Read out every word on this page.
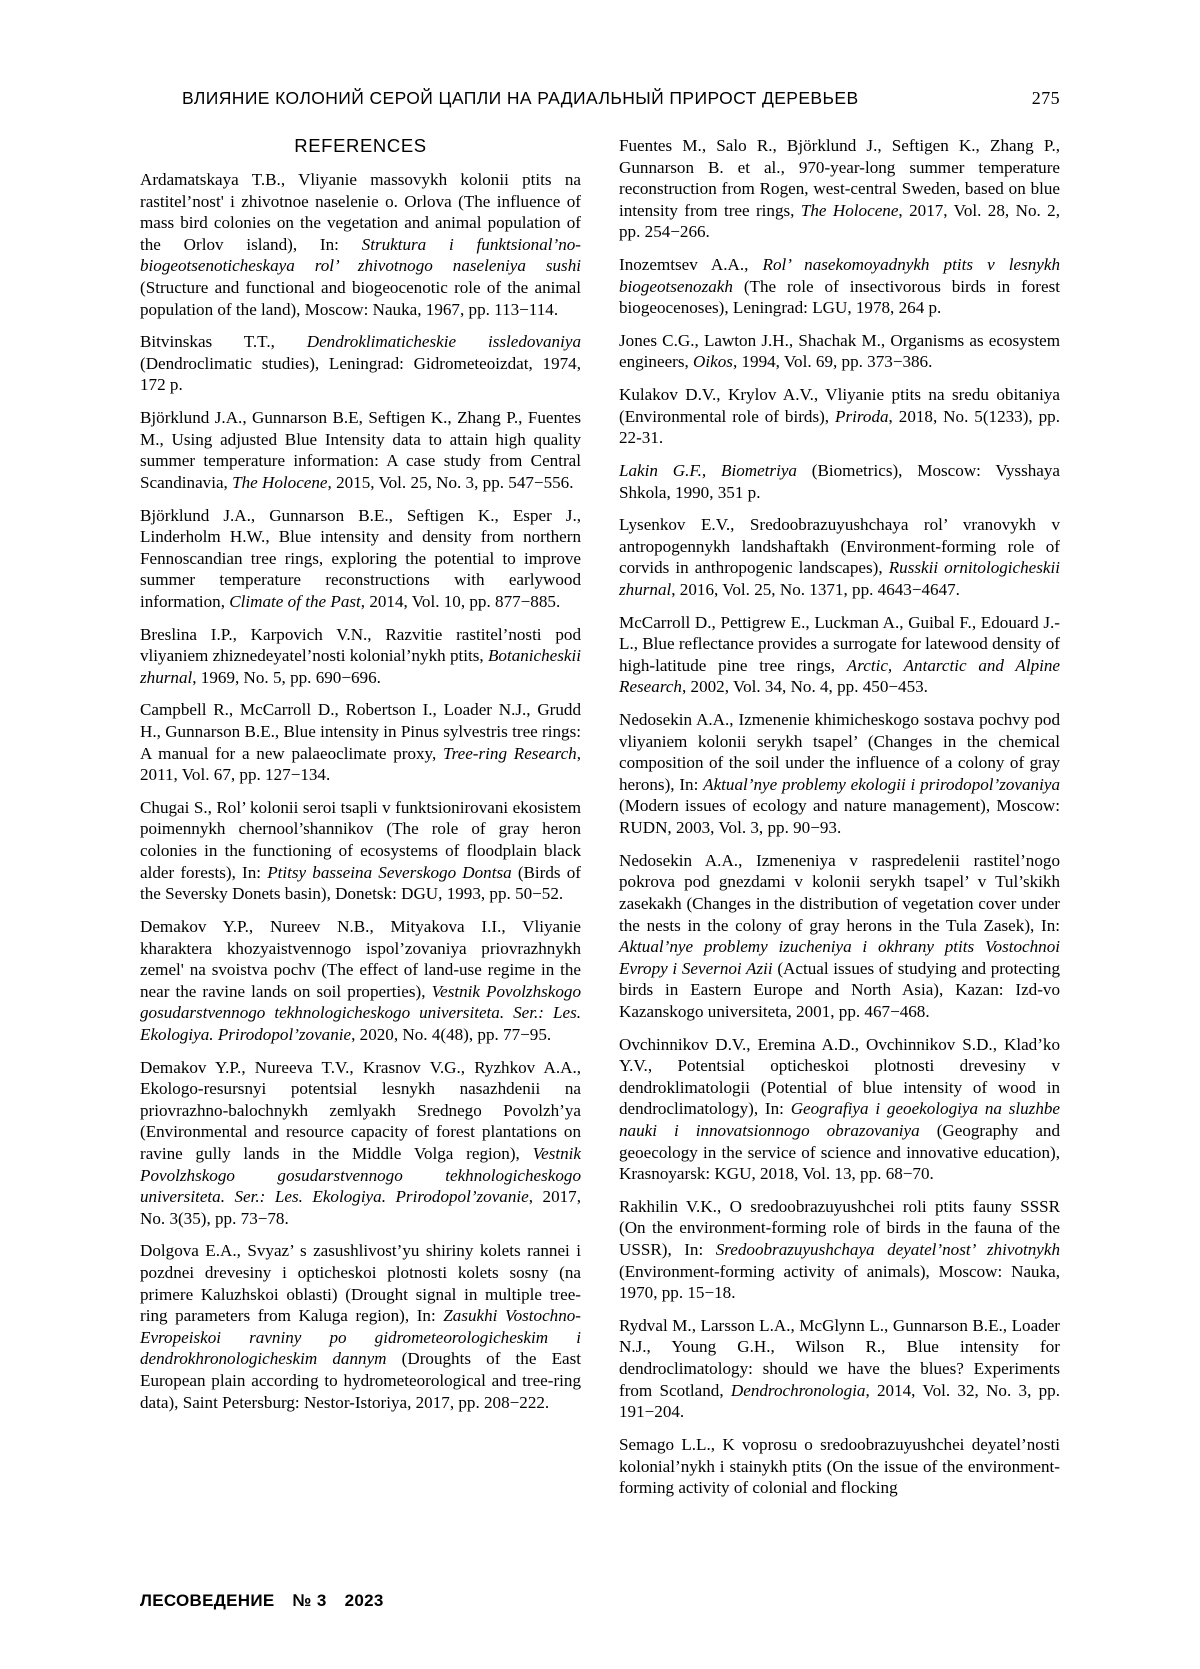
ВЛИЯНИЕ КОЛОНИЙ СЕРОЙ ЦАПЛИ НА РАДИАЛЬНЫЙ ПРИРОСТ ДЕРЕВЬЕВ	275
REFERENCES
Ardamatskaya T.B., Vliyanie massovykh kolonii ptits na rastitel’nost' i zhivotnoe naselenie o. Orlova (The influence of mass bird colonies on the vegetation and animal population of the Orlov island), In: Struktura i funktsional’no-biogeotsenoticheskaya rol’ zhivotnogo naseleniya sushi (Structure and functional and biogeocenotic role of the animal population of the land), Moscow: Nauka, 1967, pp. 113−114.
Bitvinskas T.T., Dendroklimaticheskie issledovaniya (Dendroclimatic studies), Leningrad: Gidrometeoizdat, 1974, 172 p.
Björklund J.A., Gunnarson B.E, Seftigen K., Zhang P., Fuentes M., Using adjusted Blue Intensity data to attain high quality summer temperature information: A case study from Central Scandinavia, The Holocene, 2015, Vol. 25, No. 3, pp. 547−556.
Björklund J.A., Gunnarson B.E., Seftigen K., Esper J., Linderholm H.W., Blue intensity and density from northern Fennoscandian tree rings, exploring the potential to improve summer temperature reconstructions with earlywood information, Climate of the Past, 2014, Vol. 10, pp. 877−885.
Breslina I.P., Karpovich V.N., Razvitie rastitel’nosti pod vliyaniem zhiznedeyatel’nosti kolonial’nykh ptits, Botanicheskii zhurnal, 1969, No. 5, pp. 690−696.
Campbell R., McCarroll D., Robertson I., Loader N.J., Grudd H., Gunnarson B.E., Blue intensity in Pinus sylvestris tree rings: A manual for a new palaeoclimate proxy, Tree-ring Research, 2011, Vol. 67, pp. 127−134.
Chugai S., Rol’ kolonii seroi tsapli v funktsionirovani ekosistem poimennykh chernool’shannikov (The role of gray heron colonies in the functioning of ecosystems of floodplain black alder forests), In: Ptitsy basseina Severskogo Dontsa (Birds of the Seversky Donets basin), Donetsk: DGU, 1993, pp. 50−52.
Demakov Y.P., Nureev N.B., Mityakova I.I., Vliyanie kharaktera khozyaistvennogo ispol’zovaniya priovrazhnykh zemel' na svoistva pochv (The effect of land-use regime in the near the ravine lands on soil properties), Vestnik Povolzhskogo gosudarstvennogo tekhnologicheskogo universiteta. Ser.: Les. Ekologiya. Prirodopol’zovanie, 2020, No. 4(48), pp. 77−95.
Demakov Y.P., Nureeva T.V., Krasnov V.G., Ryzhkov A.A., Ekologo-resursnyi potentsial lesnykh nasazhdenii na priovrazhno-balochnykh zemlyakh Srednego Povolzh’ya (Environmental and resource capacity of forest plantations on ravine gully lands in the Middle Volga region), Vestnik Povolzhskogo gosudarstvennogo tekhnologicheskogo universiteta. Ser.: Les. Ekologiya. Prirodopol’zovanie, 2017, No. 3(35), pp. 73−78.
Dolgova E.A., Svyaz’ s zasushlivost’yu shiriny kolets rannei i pozdnei drevesiny i opticheskoi plotnosti kolets sosny (na primere Kaluzhskoi oblasti) (Drought signal in multiple tree-ring parameters from Kaluga region), In: Zasukhi Vostochno-Evropeiskoi ravniny po gidrometeorologicheskim i dendrokhronologicheskim dannym (Droughts of the East European plain according to hydrometeorological and tree-ring data), Saint Petersburg: Nestor-Istoriya, 2017, pp. 208−222.
Fuentes M., Salo R., Björklund J., Seftigen K., Zhang P., Gunnarson B. et al., 970-year-long summer temperature reconstruction from Rogen, west-central Sweden, based on blue intensity from tree rings, The Holocene, 2017, Vol. 28, No. 2, pp. 254−266.
Inozemtsev A.A., Rol’ nasekomoyadnykh ptits v lesnykh biogeotsenozakh (The role of insectivorous birds in forest biogeocenoses), Leningrad: LGU, 1978, 264 p.
Jones C.G., Lawton J.H., Shachak M., Organisms as ecosystem engineers, Oikos, 1994, Vol. 69, pp. 373−386.
Kulakov D.V., Krylov A.V., Vliyanie ptits na sredu obitaniya (Environmental role of birds), Priroda, 2018, No. 5(1233), pp. 22-31.
Lakin G.F., Biometriya (Biometrics), Moscow: Vysshaya Shkola, 1990, 351 p.
Lysenkov E.V., Sredoobrazuyushchaya rol’ vranovykh v antropogennykh landshaftakh (Environment-forming role of corvids in anthropogenic landscapes), Russkii ornitologicheskii zhurnal, 2016, Vol. 25, No. 1371, pp. 4643−4647.
McCarroll D., Pettigrew E., Luckman A., Guibal F., Edouard J.-L., Blue reflectance provides a surrogate for latewood density of high-latitude pine tree rings, Arctic, Antarctic and Alpine Research, 2002, Vol. 34, No. 4, pp. 450−453.
Nedosekin A.A., Izmenenie khimicheskogo sostava pochvy pod vliyaniem kolonii serykh tsapel’ (Changes in the chemical composition of the soil under the influence of a colony of gray herons), In: Aktual’nye problemy ekologii i prirodopol’zovaniya (Modern issues of ecology and nature management), Moscow: RUDN, 2003, Vol. 3, pp. 90−93.
Nedosekin A.A., Izmeneniya v raspredelenii rastitel’nogo pokrova pod gnezdami v kolonii serykh tsapel’ v Tul’skikh zasekakh (Changes in the distribution of vegetation cover under the nests in the colony of gray herons in the Tula Zasek), In: Aktual’nye problemy izucheniya i okhrany ptits Vostochnoi Evropy i Severnoi Azii (Actual issues of studying and protecting birds in Eastern Europe and North Asia), Kazan: Izd-vo Kazanskogo universiteta, 2001, pp. 467−468.
Ovchinnikov D.V., Eremina A.D., Ovchinnikov S.D., Klad’ko Y.V., Potentsial opticheskoi plotnosti drevesiny v dendroklimatologii (Potential of blue intensity of wood in dendroclimatology), In: Geografiya i geoekologiya na sluzhbe nauki i innovatsionnogo obrazovaniya (Geography and geoecology in the service of science and innovative education), Krasnoyarsk: KGU, 2018, Vol. 13, pp. 68−70.
Rakhilin V.K., O sredoobrazuyushchei roli ptits fauny SSSR (On the environment-forming role of birds in the fauna of the USSR), In: Sredoobrazuyushchaya deyatel’nost’ zhivotnykh (Environment-forming activity of animals), Moscow: Nauka, 1970, pp. 15−18.
Rydval M., Larsson L.A., McGlynn L., Gunnarson B.E., Loader N.J., Young G.H., Wilson R., Blue intensity for dendroclimatology: should we have the blues? Experiments from Scotland, Dendrochronologia, 2014, Vol. 32, No. 3, pp. 191−204.
Semago L.L., K voprosu o sredoobrazuyushchei deyatel’nosti kolonial’nykh i stainykh ptits (On the issue of the environment-forming activity of colonial and flocking
ЛЕСОВЕДЕНИЕ № 3 2023
